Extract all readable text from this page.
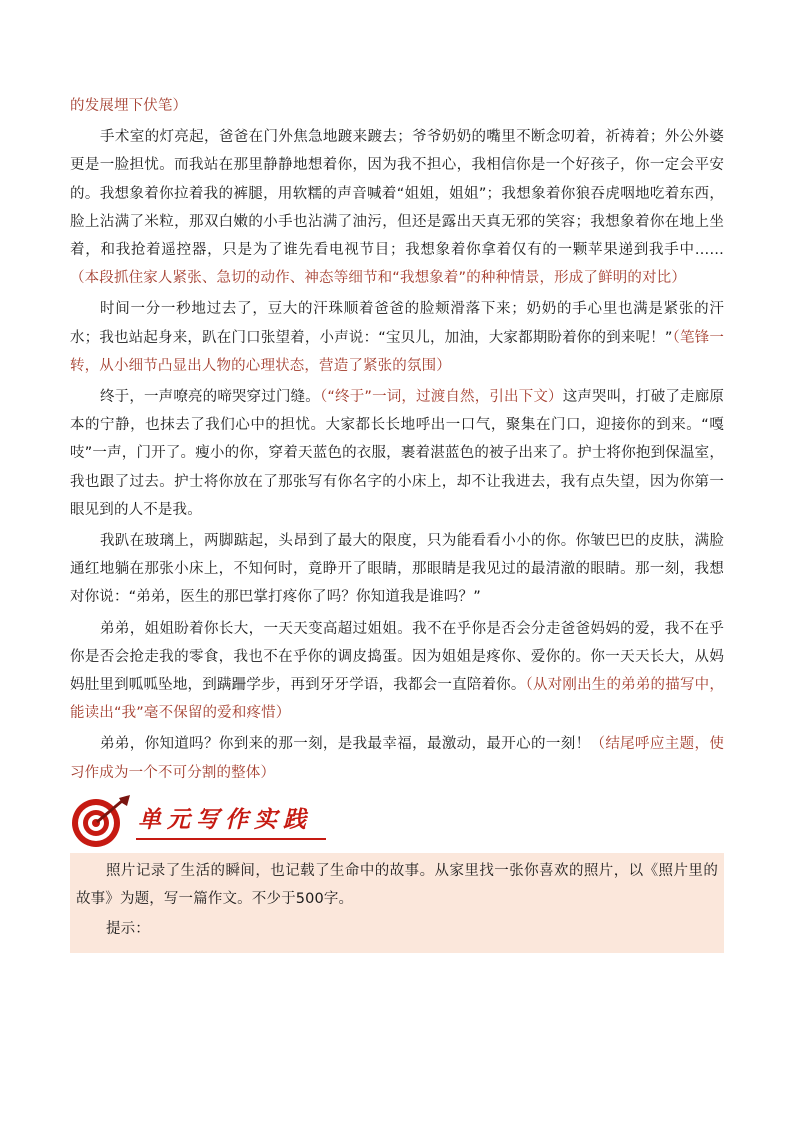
的发展埋下伏笔）

手术室的灯亮起，爸爸在门外焦急地踱来踱去；爷爷奶奶的嘴里不断念叨着，祈祷着；外公外婆更是一脸担忧。而我站在那里静静地想着你，因为我不担心，我相信你是一个好孩子，你一定会平安的。我想象着你拉着我的裤腿，用软糯的声音喊着“姐姐，姐姐”；我想象着你狼吞虎咽地吃着东西，脸上沾满了米粒，那双白嫩的小手也沾满了油污，但还是露出天真无邪的笑容；我想象着你在地上坐着，和我抢着遥控器，只是为了谁先看电视节目；我想象着你拿着仅有的一颗苹果递到我手中……（本段抓住家人紧张、急切的动作、神态等细节和“我想象着”的种种情景，形成了鲜明的对比）

时间一分一秒地过去了，豆大的汗珠顺着爸爸的脸颊滑落下来；奶奶的手心里也满是紧张的汗水；我也站起身来，趴在门口张望着，小声说：“宝贝儿，加油，大家都期盼着你的到来呢！”（笔锋一转，从小细节凸显出人物的心理状态，营造了紧张的氛围）

终于，一声嘹亮的啼哭穿过门缝。（“终于”一词，过渡自然，引出下文）这声哭叫，打破了走廊原本的宁静，也抹去了我们心中的担忧。大家都长长地呼出一口气，聚集在门口，迎接你的到来。“嘎吱”一声，门开了。瘦小的你，穿着天蓝色的衣服，裹着湛蓝色的被子出来了。护士将你抱到保温室，我也跟了过去。护士将你放在了那张写有你名字的小床上，却不让我进去，我有点失望，因为你第一眼见到的人不是我。

我趴在玻璃上，两脚踮起，头昂到了最大的限度，只为能看看小小的你。你皱巴巴的皮肤，满脸通红地躺在那张小床上，不知何时，竟睁开了眼睛，那眼睛是我见过的最清澈的眼睛。那一刻，我想对你说：“弟弟，医生的那巴掌打疼你了吗？你知道我是谁吗？”

弟弟，姐姐盼着你长大，一天天变高超过姐姐。我不在乎你是否会分走爸爸妈妈的爱，我不在乎你是否会抢走我的零食，我也不在乎你的调皮捣蛋。因为姐姐是疼你、爱你的。你一天天长大，从妈妈肚里到呱呱坠地，到蹒跚学步，再到牙牙学语，我都会一直陪着你。（从对刚出生的弟弟的描写中，能读出“我”毫不保留的爱和疼惜）

弟弟，你知道吗？你到来的那一刻，是我最幸福，最激动，最开心的一刻！（结尾呼应主题，使习作成为一个不可分割的整体）

单元写作实践

照片记录了生活的瞬间，也记载了生命中的故事。从家里找一张你喜欢的照片，以《照片里的故事》为题，写一篇作文。不少于500字。

提示：
